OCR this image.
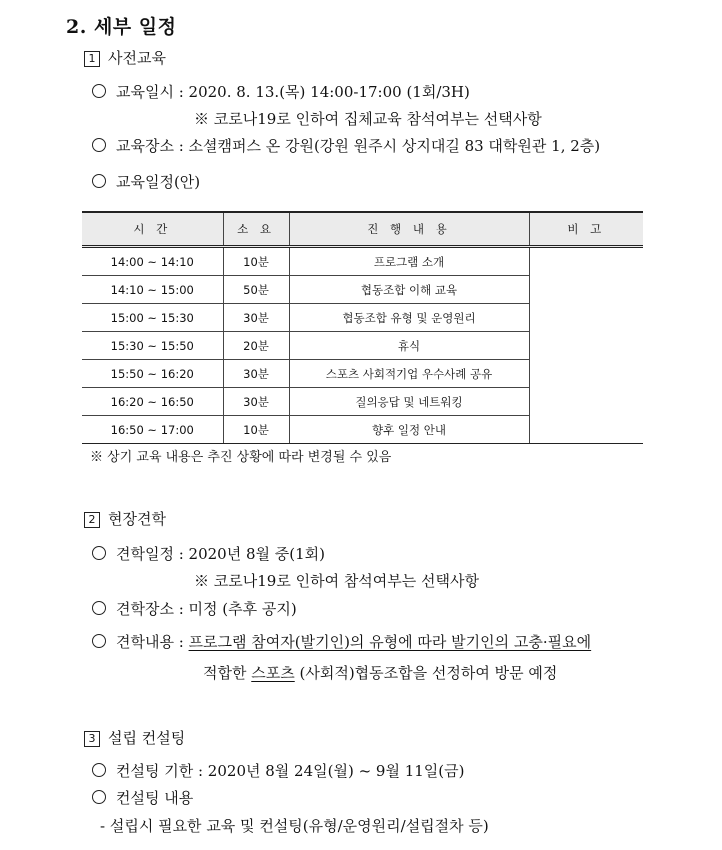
2. 세부 일정
1 사전교육
교육일시 : 2020. 8. 13.(목) 14:00-17:00 (1회/3H)
※ 코로나19로 인하여 집체교육 참석여부는 선택사항
교육장소 : 소셜캠퍼스 온 강원(강원 원주시 상지대길 83 대학원관 1, 2층)
교육일정(안)
시 간	소 요	진 행 내 용	비 고
14:00 ~ 14:10	10분	프로그램 소개	
14:10 ~ 15:00	50분	협동조합 이해 교육	
15:00 ~ 15:30	30분	협동조합 유형 및 운영원리	
15:30 ~ 15:50	20분	휴식	
15:50 ~ 16:20	30분	스포츠 사회적기업 우수사례 공유	
16:20 ~ 16:50	30분	질의응답 및 네트워킹	
16:50 ~ 17:00	10분	향후 일정 안내	
※ 상기 교육 내용은 추진 상황에 따라 변경될 수 있음
2 현장견학
견학일정 : 2020년 8월 중(1회)
※ 코로나19로 인하여 참석여부는 선택사항
견학장소 : 미정 (추후 공지)
견학내용 : 프로그램 참여자(발기인)의 유형에 따라 발기인의 고충·필요에
적합한 스포츠 (사회적)협동조합을 선정하여 방문 예정
3 설립 컨설팅
컨설팅 기한 : 2020년 8월 24일(월) ~ 9월 11일(금)
컨설팅 내용
- 설립시 필요한 교육 및 컨설팅(유형/운영원리/설립절차 등)
